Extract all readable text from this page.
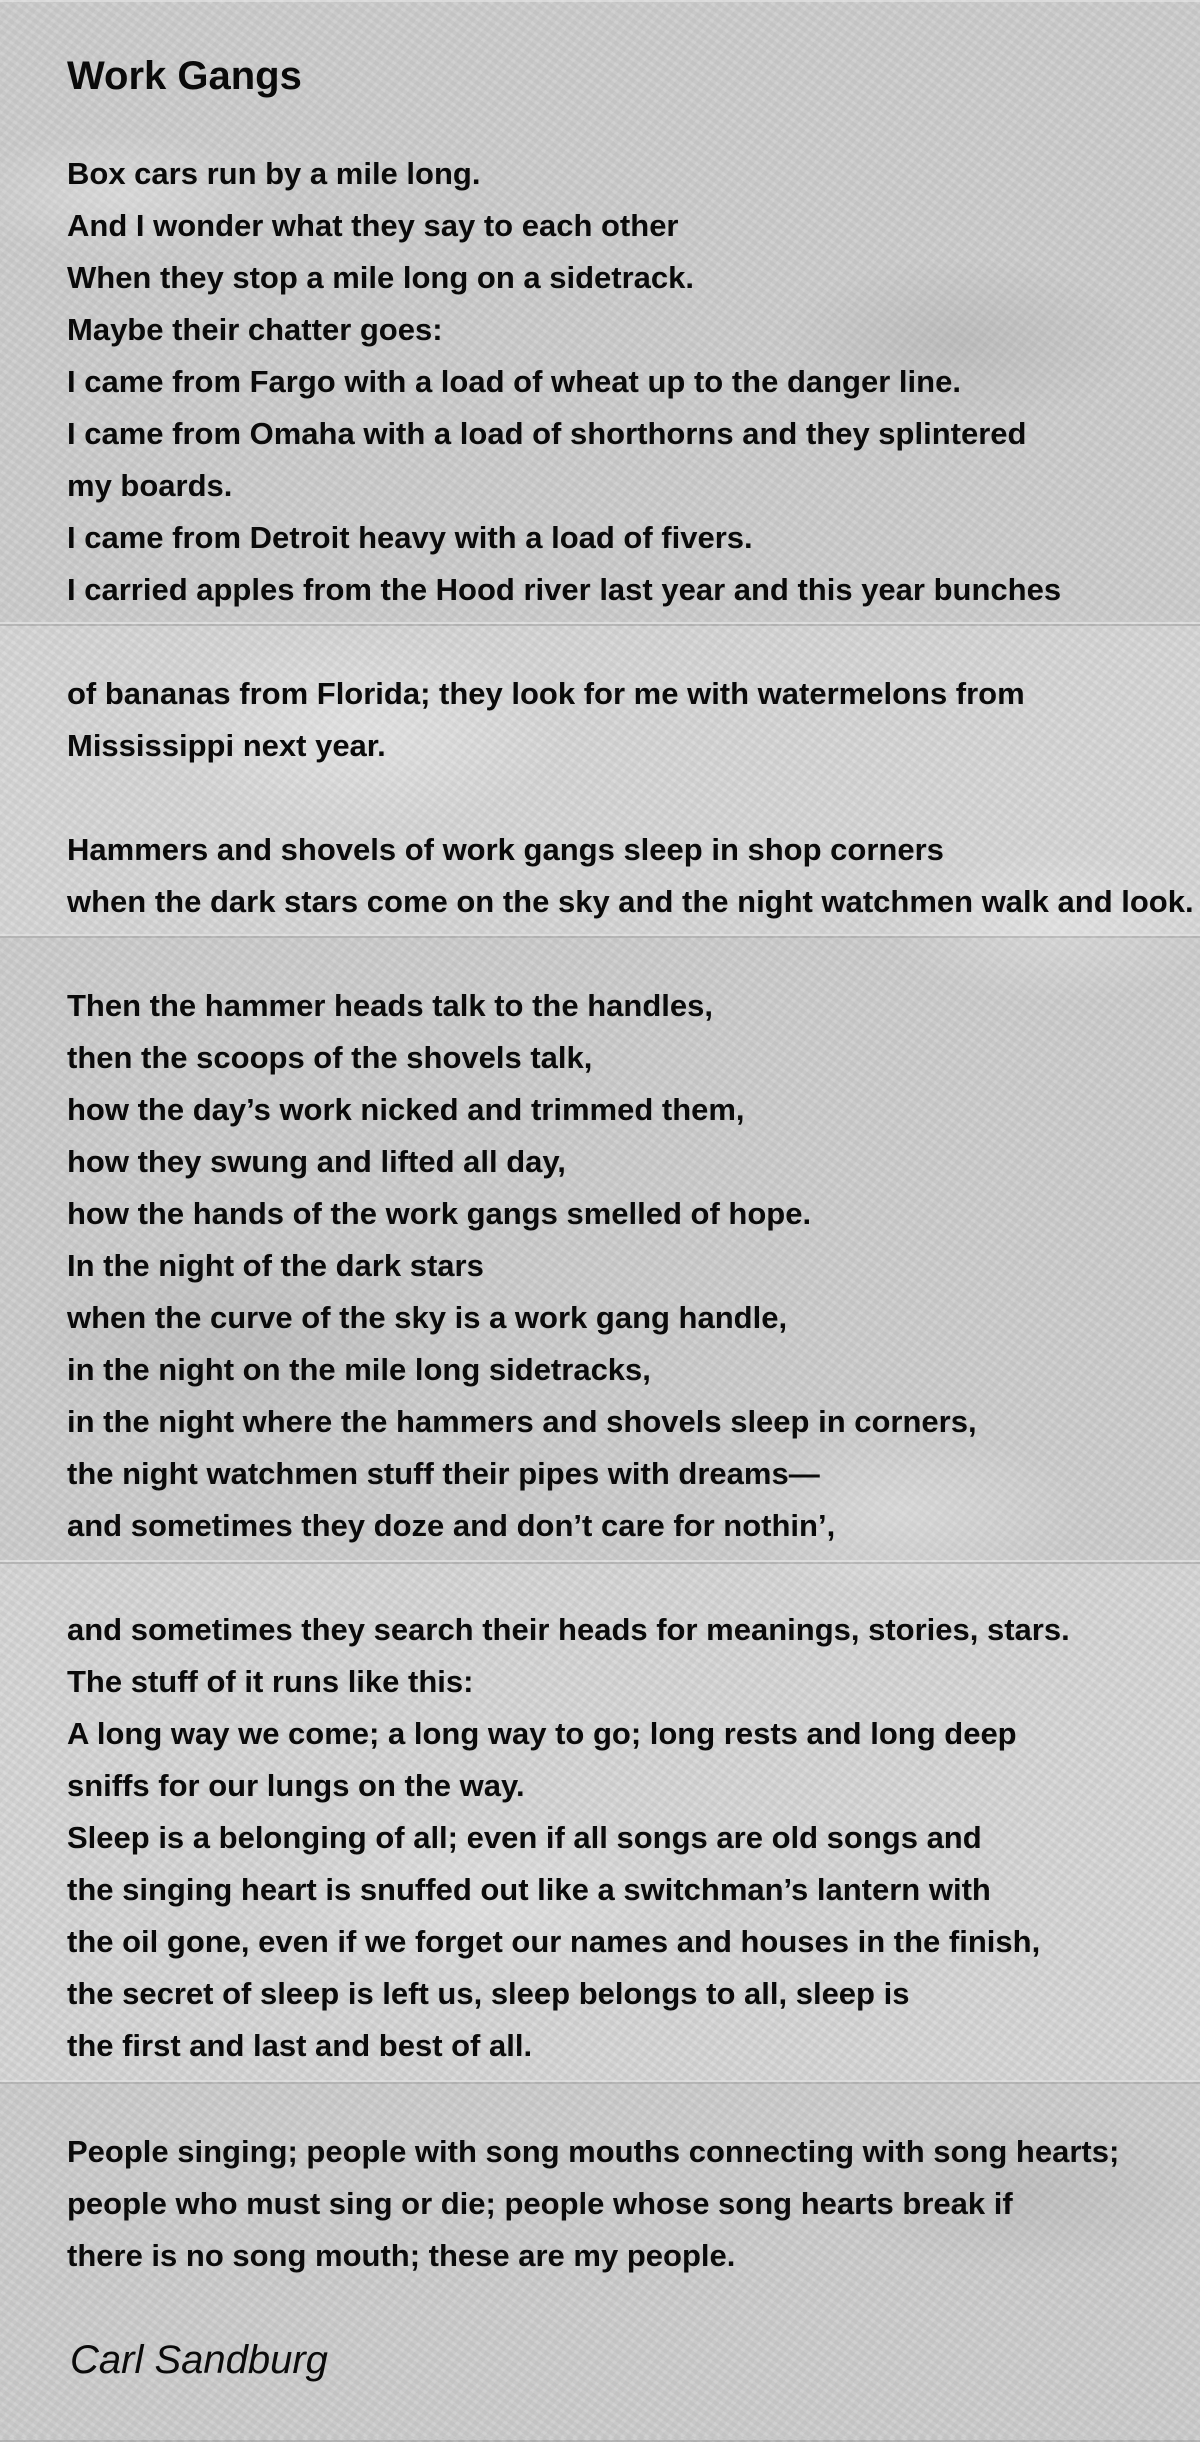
Work Gangs
Box cars run by a mile long.
And I wonder what they say to each other
When they stop a mile long on a sidetrack.
Maybe their chatter goes:
I came from Fargo with a load of wheat up to the danger line.
I came from Omaha with a load of shorthorns and they splintered
my boards.
I came from Detroit heavy with a load of fivers.
I carried apples from the Hood river last year and this year bunches
of bananas from Florida; they look for me with watermelons from
Mississippi next year.
Hammers and shovels of work gangs sleep in shop corners
when the dark stars come on the sky and the night watchmen walk and look.
Then the hammer heads talk to the handles,
then the scoops of the shovels talk,
how the day’s work nicked and trimmed them,
how they swung and lifted all day,
how the hands of the work gangs smelled of hope.
In the night of the dark stars
when the curve of the sky is a work gang handle,
in the night on the mile long sidetracks,
in the night where the hammers and shovels sleep in corners,
the night watchmen stuff their pipes with dreams—
and sometimes they doze and don’t care for nothin’,
and sometimes they search their heads for meanings, stories, stars.
The stuff of it runs like this:
A long way we come; a long way to go; long rests and long deep
sniffs for our lungs on the way.
Sleep is a belonging of all; even if all songs are old songs and
the singing heart is snuffed out like a switchman’s lantern with
the oil gone, even if we forget our names and houses in the finish,
the secret of sleep is left us, sleep belongs to all, sleep is
the first and last and best of all.
People singing; people with song mouths connecting with song hearts;
people who must sing or die; people whose song hearts break if
there is no song mouth; these are my people.

Carl Sandburg
